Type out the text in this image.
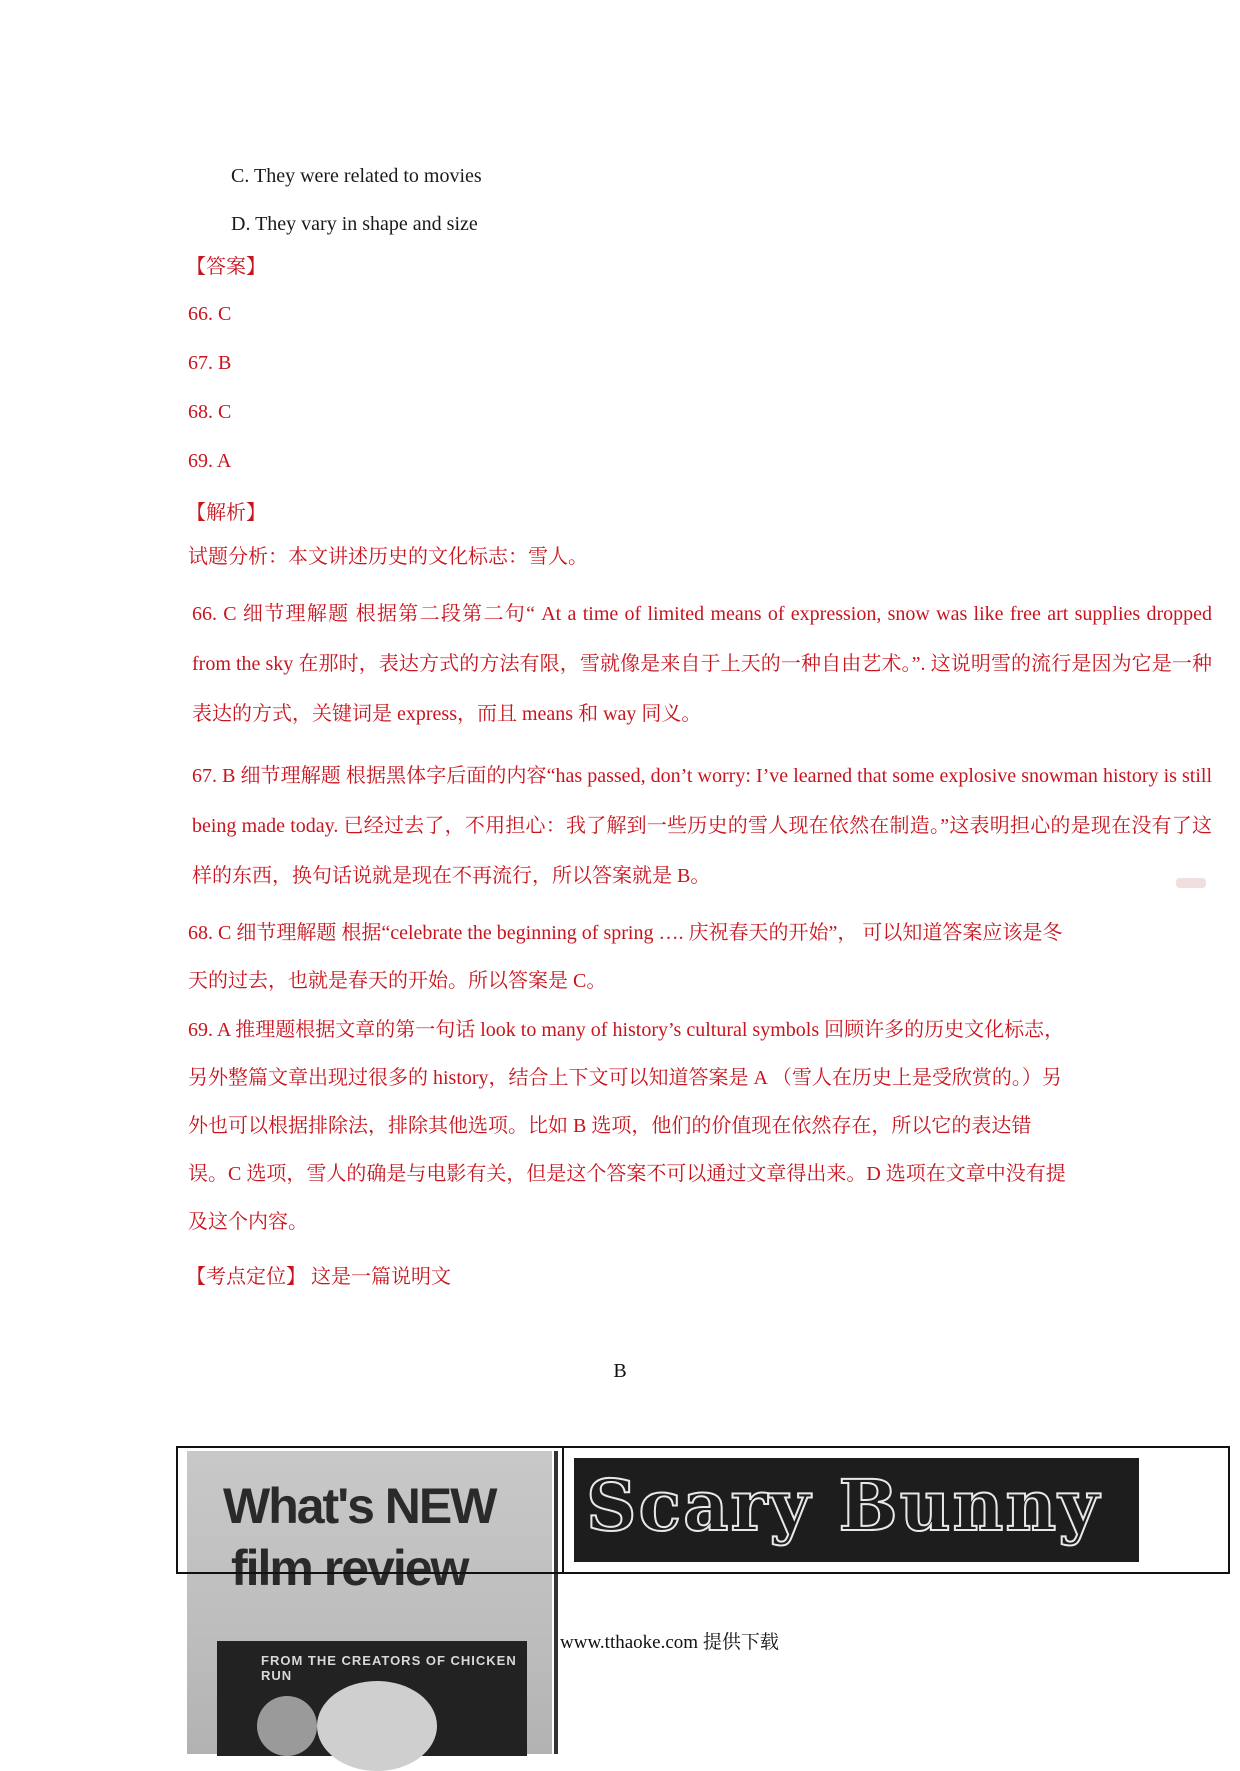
C. They were related to movies
D. They vary in shape and size
【答案】
66. C
67. B
68. C
69. A
【解析】
试题分析：本文讲述历史的文化标志：雪人。
66. C 细节理解题 根据第二段第二句“ At a time of limited means of expression, snow was like free art supplies dropped from the sky 在那时，表达方式的方法有限，雪就像是来自于上天的一种自由艺术。”. 这说明雪的流行是因为它是一种表达的方式，关键词是 express，而且 means 和 way 同义。
67. B 细节理解题 根据黑体字后面的内容“has passed, don’t worry: I’ve learned that some explosive snowman history is still being made today. 已经过去了，不用担心：我了解到一些历史的雪人现在依然在制造。”这表明担心的是现在没有了这样的东西，换句话说就是现在不再流行，所以答案就是 B。
68. C 细节理解题 根据“celebrate the beginning of spring …. 庆祝春天的开始”， 可以知道答案应该是冬天的过去，也就是春天的开始。所以答案是 C。
69. A 推理题根据文章的第一句话 look to many of history’s cultural symbols 回顾许多的历史文化标志，另外整篇文章出现过很多的 history，结合上下文可以知道答案是 A （雪人在历史上是受欣赏的。）另外也可以根据排除法，排除其他选项。比如 B 选项，他们的价值现在依然存在，所以它的表达错误。C 选项，雪人的确是与电影有关，但是这个答案不可以通过文章得出来。D 选项在文章中没有提及这个内容。
【考点定位】 这是一篇说明文
B
What's NEW
film review
FROM THE CREATORS OF CHICKEN RUN
Scary Bunny
www.tthaoke.com 提供下载
